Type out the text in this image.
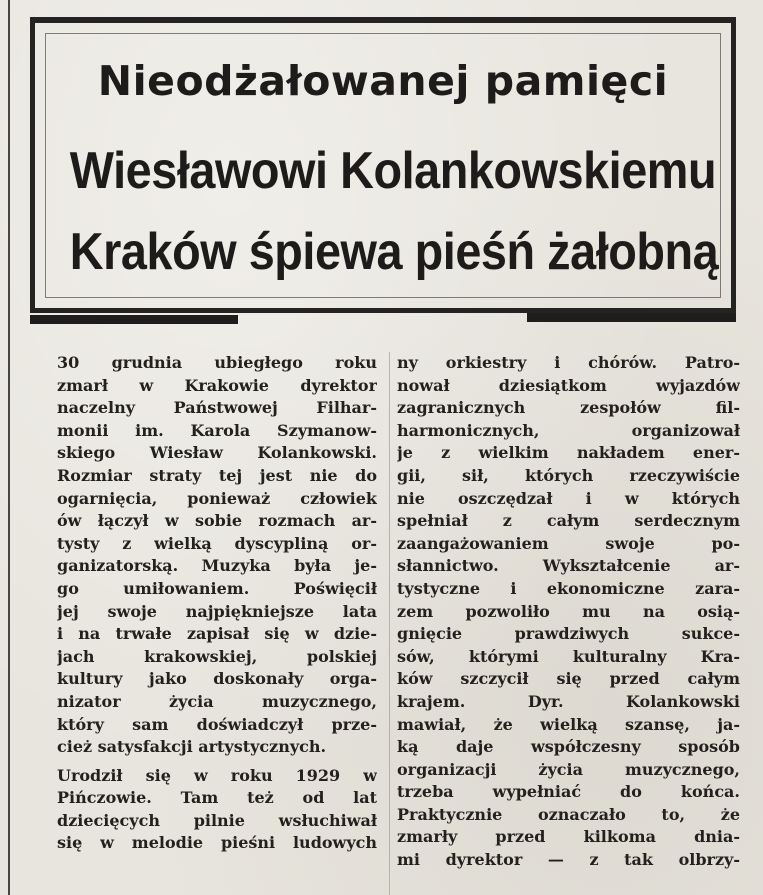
Nieodżałowanej pamięci
Wiesławowi Kolankowskiemu
Kraków śpiewa pieśń żałobną
30 grudnia ubiegłego roku
zmarł w Krakowie dyrektor
naczelny Państwowej Filhar-
monii im. Karola Szymanow-
skiego Wiesław Kolankowski.
Rozmiar straty tej jest nie do
ogarnięcia, ponieważ człowiek
ów łączył w sobie rozmach ar-
tysty z wielką dyscypliną or-
ganizatorską. Muzyka była je-
go umiłowaniem. Poświęcił
jej swoje najpiękniejsze lata
i na trwałe zapisał się w dzie-
jach krakowskiej, polskiej
kultury jako doskonały orga-
nizator życia muzycznego,
który sam doświadczył prze-
cież satysfakcji artystycznych.
Urodził się w roku 1929 w
Pińczowie. Tam też od lat
dziecięcych pilnie wsłuchiwał
się w melodie pieśni ludowych
ny orkiestry i chórów. Patro-
nował dziesiątkom wyjazdów
zagranicznych zespołów fil-
harmonicznych, organizował
je z wielkim nakładem ener-
gii, sił, których rzeczywiście
nie oszczędzał i w których
spełniał z całym serdecznym
zaangażowaniem swoje po-
słannictwo. Wykształcenie ar-
tystyczne i ekonomiczne zara-
zem pozwoliło mu na osią-
gnięcie prawdziwych sukce-
sów, którymi kulturalny Kra-
ków szczycił się przed całym
krajem. Dyr. Kolankowski
mawiał, że wielką szansę, ja-
ką daje współczesny sposób
organizacji życia muzycznego,
trzeba wypełniać do końca.
Praktycznie oznaczało to, że
zmarły przed kilkoma dnia-
mi dyrektor — z tak olbrzy-
